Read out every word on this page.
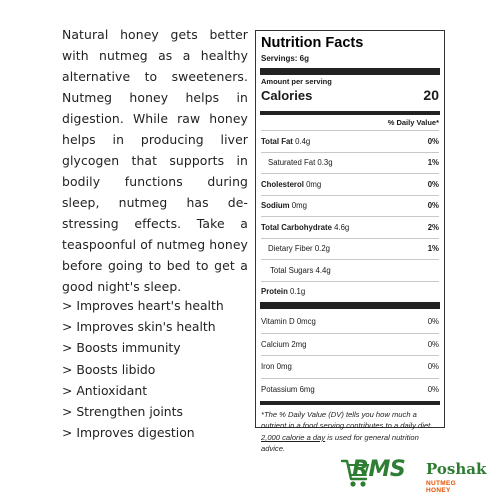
Natural honey gets better with nutmeg as a healthy alternative to sweeteners. Nutmeg honey helps in digestion. While raw honey helps in producing liver glycogen that supports in bodily functions during sleep, nutmeg has de-stressing effects. Take a teaspoonful of nutmeg honey before going to bed to get a good night's sleep.
> Improves heart's health
> Improves skin's health
> Boosts immunity
> Boosts libido
> Antioxidant
> Strengthen joints
> Improves digestion
Nutrition Facts
Servings: 6g
Amount per serving
Calories	20
% Daily Value*
Total Fat 0.4g	0%
Saturated Fat 0.3g	1%
Cholesterol 0mg	0%
Sodium 0mg	0%
Total Carbohydrate 4.6g	2%
Dietary Fiber 0.2g	1%
Total Sugars 4.4g
Protein 0.1g
Vitamin D 0mcg	0%
Calcium 2mg	0%
Iron 0mg	0%
Potassium 6mg	0%
*The % Daily Value (DV) tells you how much a nutrient in a food serving contributes to a daily diet. 2,000 calorie a day is used for general nutrition advice.
RMS Poshak
NUTMEG HONEY
